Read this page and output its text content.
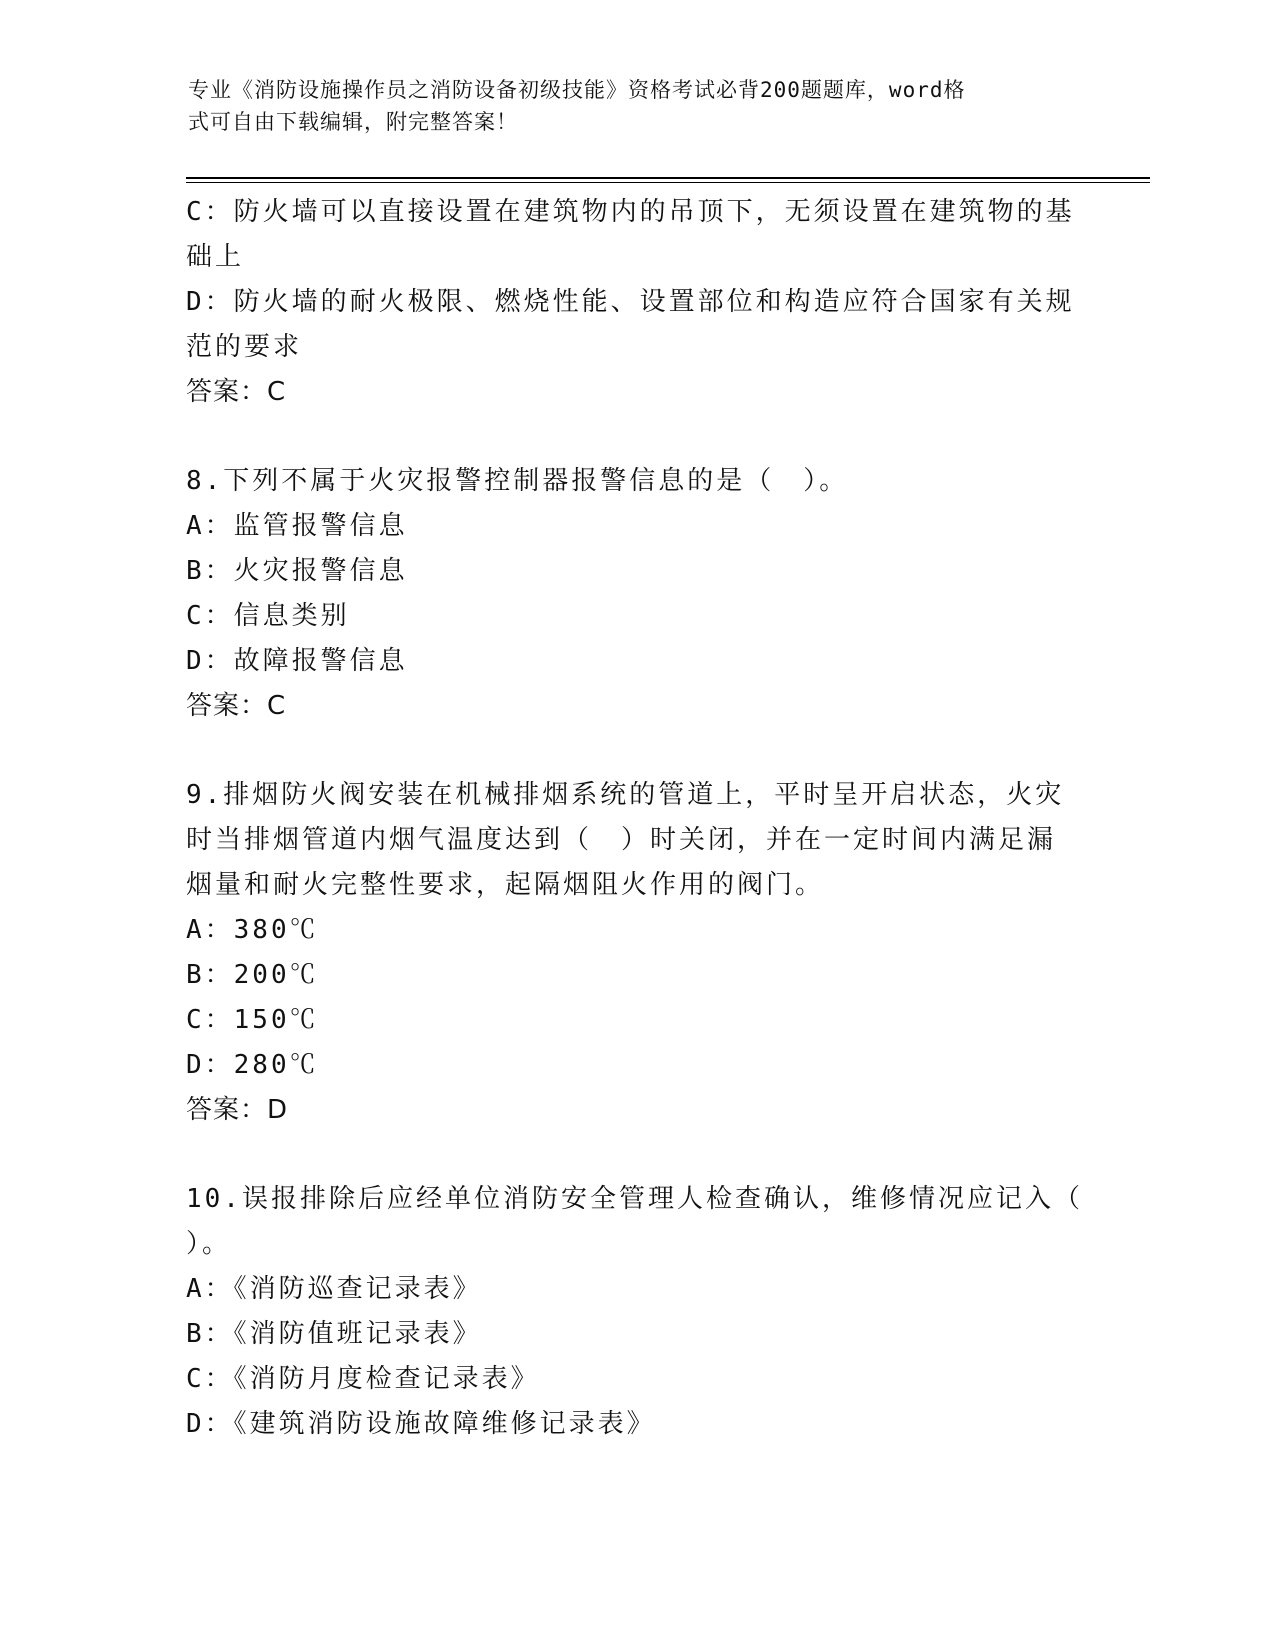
专业《消防设施操作员之消防设备初级技能》资格考试必背200题题库，word格
式可自由下载编辑，附完整答案！
C：防火墙可以直接设置在建筑物内的吊顶下，无须设置在建筑物的基
础上
D：防火墙的耐火极限、燃烧性能、设置部位和构造应符合国家有关规
范的要求
答案：C
8.下列不属于火灾报警控制器报警信息的是（　）。
A：监管报警信息
B：火灾报警信息
C：信息类别
D：故障报警信息
答案：C
9.排烟防火阀安装在机械排烟系统的管道上，平时呈开启状态，火灾
时当排烟管道内烟气温度达到（　）时关闭，并在一定时间内满足漏
烟量和耐火完整性要求，起隔烟阻火作用的阀门。
A：380℃
B：200℃
C：150℃
D：280℃
答案：D
10.误报排除后应经单位消防安全管理人检查确认，维修情况应记入（
）。
A：《消防巡查记录表》
B：《消防值班记录表》
C：《消防月度检查记录表》
D：《建筑消防设施故障维修记录表》
